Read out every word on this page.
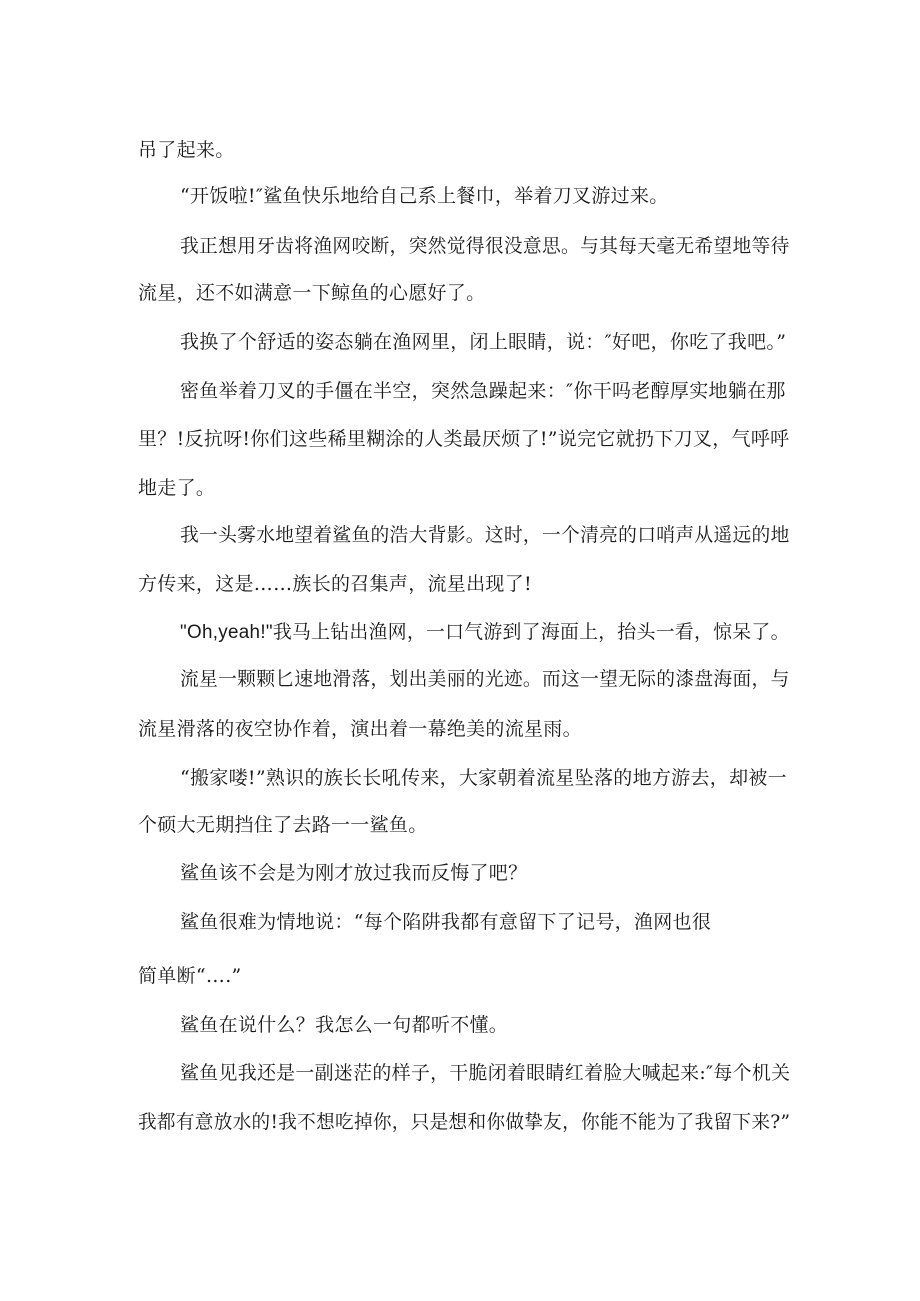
吊了起来。

“开饭啦!″鲨鱼快乐地给自己系上餐巾，举着刀叉游过来。

我正想用牙齿将渔网咬断，突然觉得很没意思。与其每天毫无希望地等待

流星，还不如满意一下鲸鱼的心愿好了。

我换了个舒适的姿态躺在渔网里，闭上眼睛，说：″好吧，你吃了我吧。”

密鱼举着刀叉的手僵在半空，突然急躁起来：″你干吗老醇厚实地躺在那

里？!反抗呀!你们这些稀里糊涂的人类最厌烦了!”说完它就扔下刀叉，气呼呼

地走了。

我一头雾水地望着鲨鱼的浩大背影。这时，一个清亮的口哨声从遥远的地

方传来，这是……族长的召集声，流星出现了!

"Oh,yeah!"我马上钻出渔网，一口气游到了海面上，抬头一看，惊呆了。

流星一颗颗匕速地滑落，划出美丽的光迹。而这一望无际的漆盘海面，与

流星滑落的夜空协作着，演出着一幕绝美的流星雨。

“搬家喽!”熟识的族长长吼传来，大家朝着流星坠落的地方游去，却被一

个硕大无期挡住了去路一一鲨鱼。

鲨鱼该不会是为刚才放过我而反悔了吧？

鲨鱼很难为情地说：“每个陷阱我都有意留下了记号，渔网也很

简单断“….”

鲨鱼在说什么？我怎么一句都听不懂。

鲨鱼见我还是一副迷茫的样子，干脆闭着眼睛红着脸大喊起来:″每个机关

我都有意放水的!我不想吃掉你，只是想和你做挚友，你能不能为了我留下来?”
